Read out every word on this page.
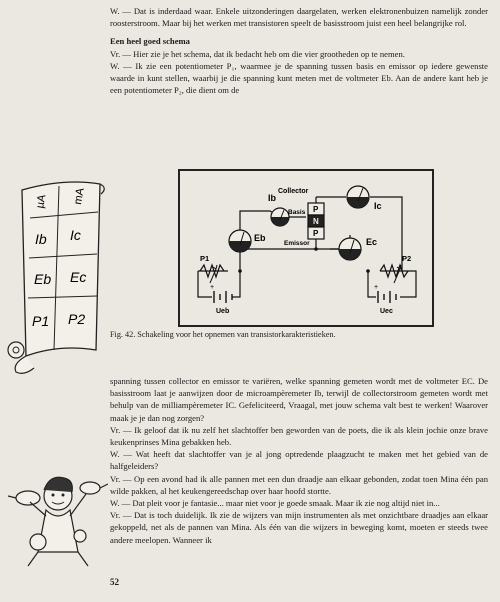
W. — Dat is inderdaad waar. Enkele uitzonderingen daargelaten, werken elektronenbuizen namelijk zonder roosterstroom. Maar bij het werken met transistoren speelt de basisstroom juist een heel belangrijke rol.

Een heel goed schema

Vr. — Hier zie je het schema, dat ik bedacht heb om die vier grootheden op te nemen.

W. — Ik zie een potentiometer P₁, waarmee je de spanning tussen basis en emissor op iedere gewenste waarde in kunt stellen, waarbij je die spanning kunt meten met de voltmeter Eb. Aan de andere kant heb je een potentiometer P₂, die dient om de

µA mA
Ib Ic
Eb Ec
P1 P2
P
N
P
Collector
Basis
Emissor
Ic
Ib
Eb	Ec
P1	P2
Ueb	Uec
+	+
Fig. 42. Schakeling voor het opnemen van transistorkarakteristieken.

spanning tussen collector en emissor te variëren, welke spanning gemeten wordt met de voltmeter EC. De basisstroom laat je aanwijzen door de microampèremeter Ib, terwijl de collectorstroom gemeten wordt met behulp van de milliampèremeter IC. Gefeliciteerd, Vraagal, met jouw schema valt best te werken! Waarover maak je je dan nog zorgen?

Vr. — Ik geloof dat ik nu zelf het slachtoffer ben geworden van de poets, die ik als klein jochie onze brave keukenprinses Mina gebakken heb.

W. — Wat heeft dat slachtoffer van je al jong optredende plaagzucht te maken met het gebied van de halfgeleiders?

Vr. — Op een avond had ik alle pannen met een dun draadje aan elkaar gebonden, zodat toen Mina één pan wilde pakken, al het keukengereedschap over haar hoofd stortte.

W. — Dat pleit voor je fantasie... maar niet voor je goede smaak. Maar ik zie nog altijd niet in...

Vr. — Dat is toch duidelijk. Ik zie de wijzers van mijn instrumenten als met onzichtbare draadjes aan elkaar gekoppeld, net als de pannen van Mina. Als één van die wijzers in beweging komt, moeten er steeds twee andere meelopen. Wanneer ik

52
